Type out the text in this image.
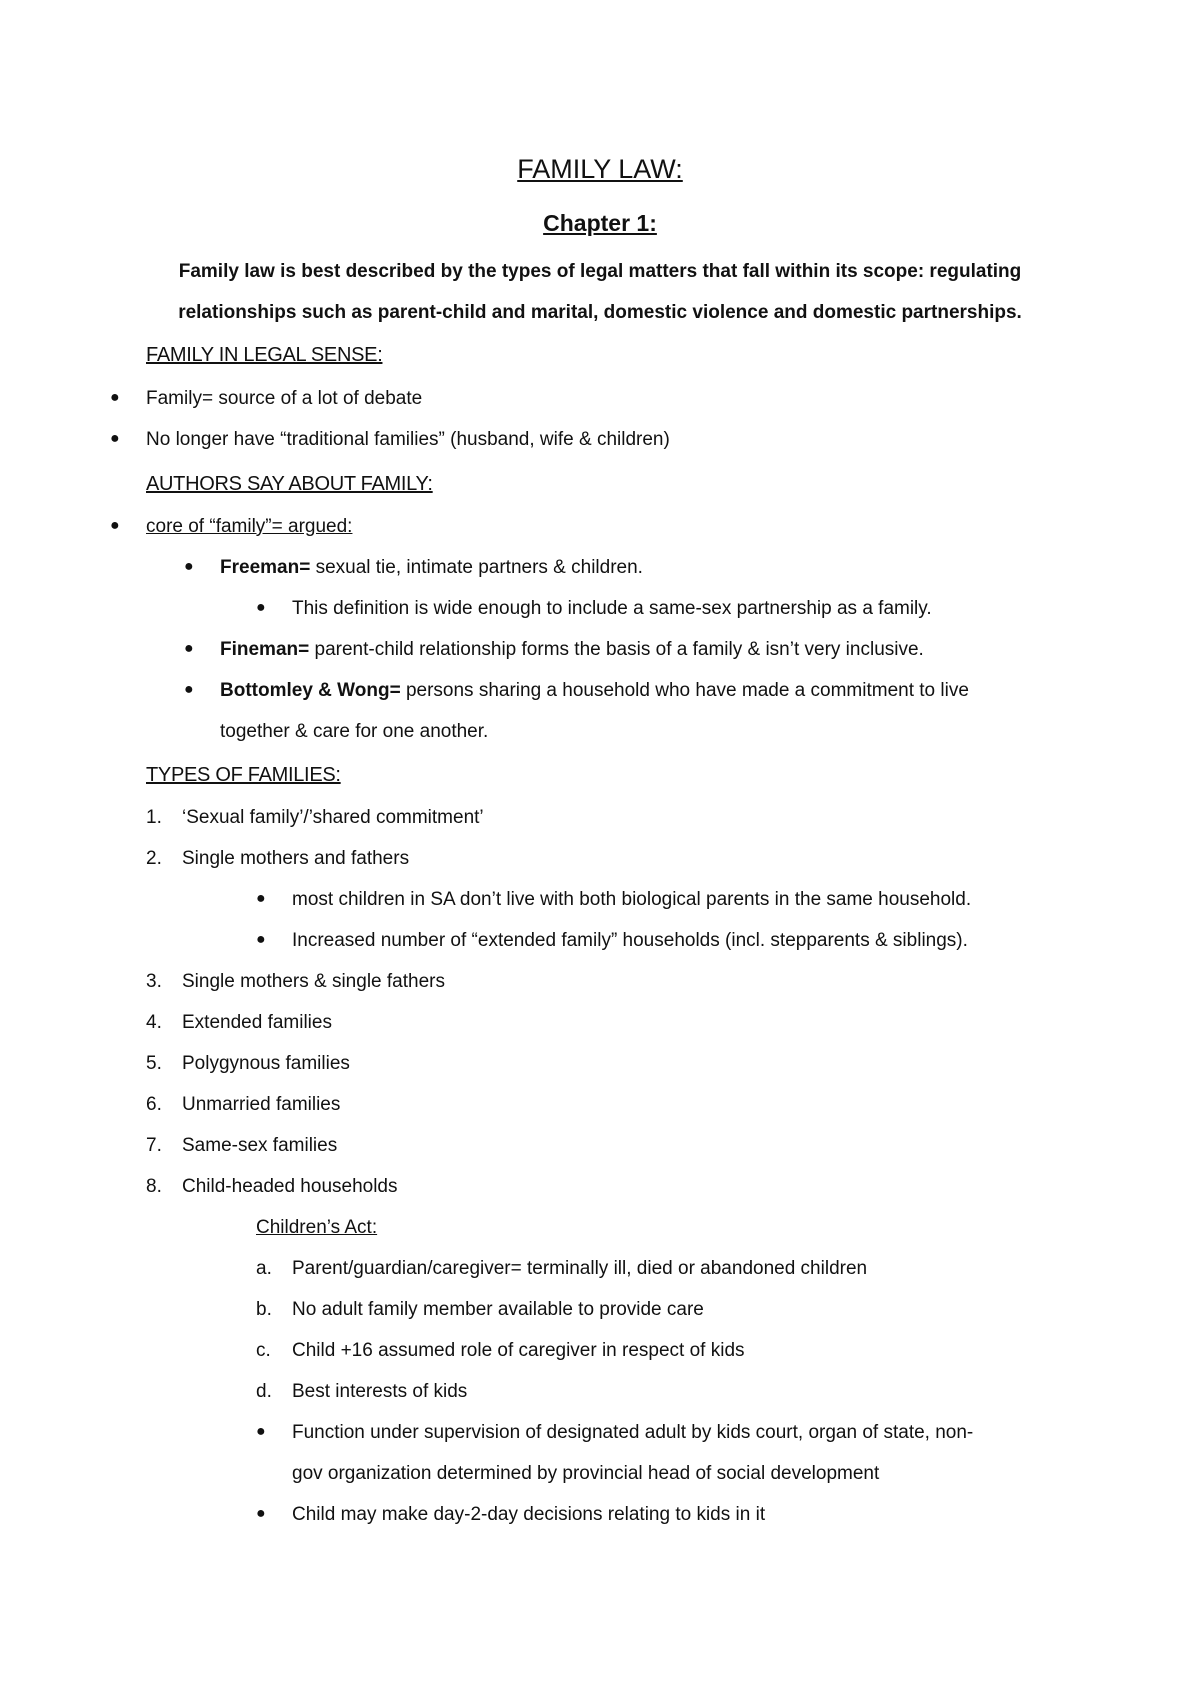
FAMILY LAW:
Chapter 1:
Family law is best described by the types of legal matters that fall within its scope: regulating
relationships such as parent-child and marital, domestic violence and domestic partnerships.
FAMILY IN LEGAL SENSE:
● Family= source of a lot of debate
● No longer have “traditional families” (husband, wife & children)
AUTHORS SAY ABOUT FAMILY:
● core of “family”= argued:
● Freeman= sexual tie, intimate partners & children.
● This definition is wide enough to include a same-sex partnership as a family.
● Fineman= parent-child relationship forms the basis of a family & isn’t very inclusive.
● Bottomley & Wong= persons sharing a household who have made a commitment to live
together & care for one another.
TYPES OF FAMILIES:
1. ‘Sexual family’/’shared commitment’
2. Single mothers and fathers
● most children in SA don’t live with both biological parents in the same household.
● Increased number of “extended family” households (incl. stepparents & siblings).
3. Single mothers & single fathers
4. Extended families
5. Polygynous families
6. Unmarried families
7. Same-sex families
8. Child-headed households
Children’s Act:
a. Parent/guardian/caregiver= terminally ill, died or abandoned children
b. No adult family member available to provide care
c. Child +16 assumed role of caregiver in respect of kids
d. Best interests of kids
● Function under supervision of designated adult by kids court, organ of state, non-
gov organization determined by provincial head of social development
● Child may make day-2-day decisions relating to kids in it
